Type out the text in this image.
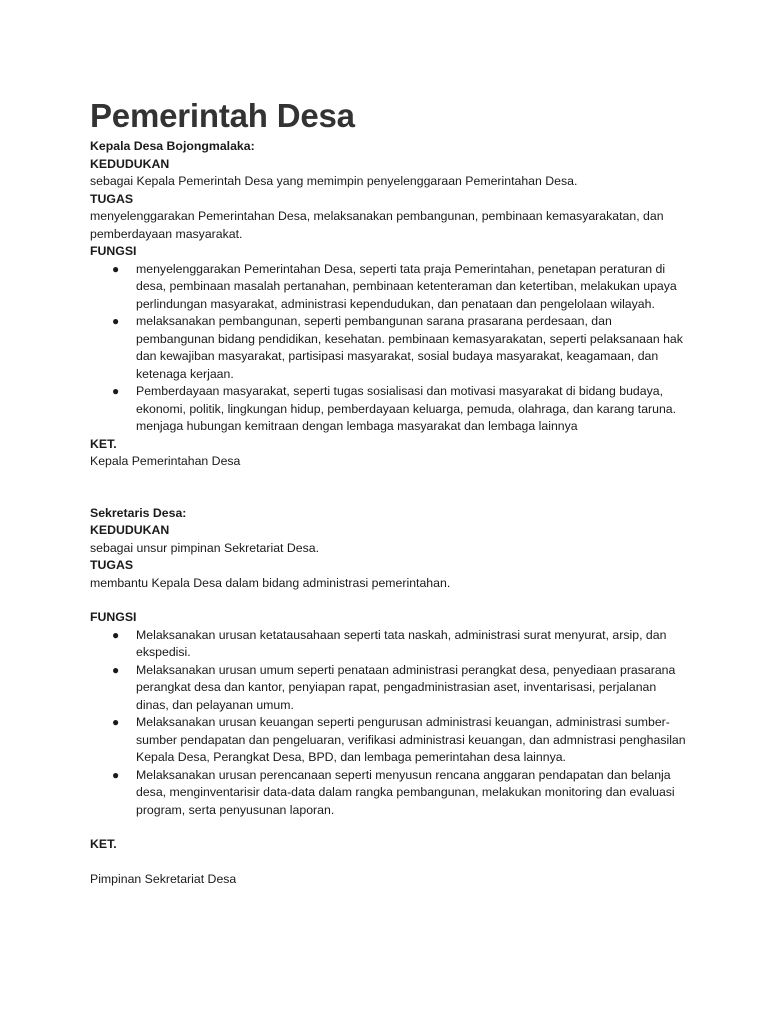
Pemerintah Desa

Kepala Desa Bojongmalaka:

KEDUDUKAN

sebagai Kepala Pemerintah Desa yang memimpin penyelenggaraan Pemerintahan Desa.

TUGAS

menyelenggarakan Pemerintahan Desa, melaksanakan pembangunan, pembinaan kemasyarakatan, dan pemberdayaan masyarakat.

FUNGSI

● menyelenggarakan Pemerintahan Desa, seperti tata praja Pemerintahan, penetapan peraturan di desa, pembinaan masalah pertanahan, pembinaan ketenteraman dan ketertiban, melakukan upaya perlindungan masyarakat, administrasi kependudukan, dan penataan dan pengelolaan wilayah.
● melaksanakan pembangunan, seperti pembangunan sarana prasarana perdesaan, dan pembangunan bidang pendidikan, kesehatan. pembinaan kemasyarakatan, seperti pelaksanaan hak dan kewajiban masyarakat, partisipasi masyarakat, sosial budaya masyarakat, keagamaan, dan ketenaga kerjaan.
● Pemberdayaan masyarakat, seperti tugas sosialisasi dan motivasi masyarakat di bidang budaya, ekonomi, politik, lingkungan hidup, pemberdayaan keluarga, pemuda, olahraga, dan karang taruna. menjaga hubungan kemitraan dengan lembaga masyarakat dan lembaga lainnya

KET.

Kepala Pemerintahan Desa

Sekretaris Desa:

KEDUDUKAN

sebagai unsur pimpinan Sekretariat Desa.

TUGAS

membantu Kepala Desa dalam bidang administrasi pemerintahan.

FUNGSI

● Melaksanakan urusan ketatausahaan seperti tata naskah, administrasi surat menyurat, arsip, dan ekspedisi.
● Melaksanakan urusan umum seperti penataan administrasi perangkat desa, penyediaan prasarana perangkat desa dan kantor, penyiapan rapat, pengadministrasian aset, inventarisasi, perjalanan dinas, dan pelayanan umum.
● Melaksanakan urusan keuangan seperti pengurusan administrasi keuangan, administrasi sumber-sumber pendapatan dan pengeluaran, verifikasi administrasi keuangan, dan admnistrasi penghasilan Kepala Desa, Perangkat Desa, BPD, dan lembaga pemerintahan desa lainnya.
● Melaksanakan urusan perencanaan seperti menyusun rencana anggaran pendapatan dan belanja desa, menginventarisir data-data dalam rangka pembangunan, melakukan monitoring dan evaluasi program, serta penyusunan laporan.

KET.

Pimpinan Sekretariat Desa
